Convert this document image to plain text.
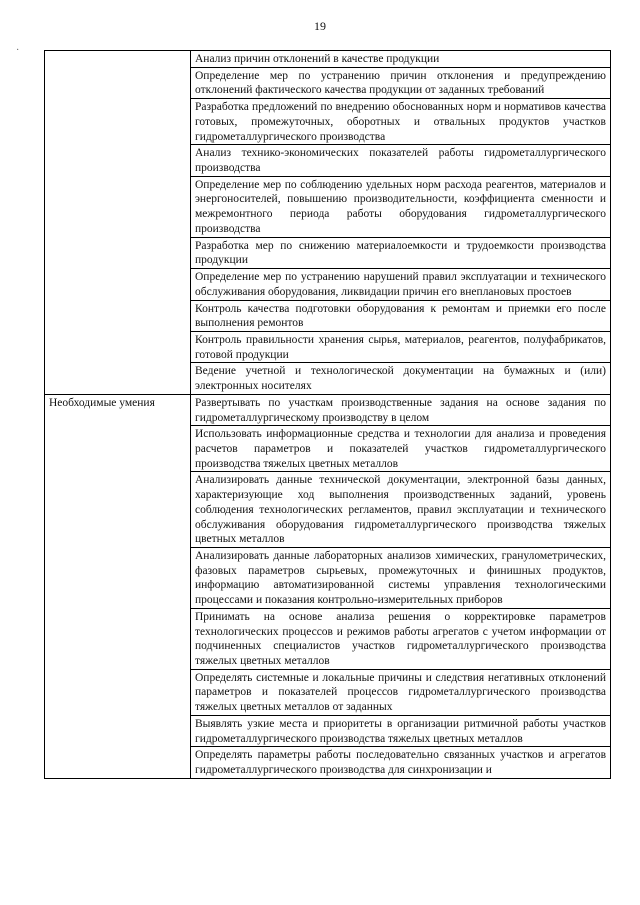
19
·
	Анализ причин отклонений в качестве продукции
	Определение мер по устранению причин отклонения и предупреждению отклонений фактического качества продукции от заданных требований
	Разработка предложений по внедрению обоснованных норм и нормативов качества готовых, промежуточных, оборотных и отвальных продуктов участков гидрометаллургического производства
	Анализ технико-экономических показателей работы гидрометаллургического производства
	Определение мер по соблюдению удельных норм расхода реагентов, материалов и энергоносителей, повышению производительности, коэффициента сменности и межремонтного периода работы оборудования гидрометаллургического производства
	Разработка мер по снижению материалоемкости и трудоемкости производства продукции
	Определение мер по устранению нарушений правил эксплуатации и технического обслуживания оборудования, ликвидации причин его внеплановых простоев
	Контроль качества подготовки оборудования к ремонтам и приемки его после выполнения ремонтов
	Контроль правильности хранения сырья, материалов, реагентов, полуфабрикатов, готовой продукции
	Ведение учетной и технологической документации на бумажных и (или) электронных носителях
Необходимые умения	Развертывать по участкам производственные задания на основе задания по гидрометаллургическому производству в целом
	Использовать информационные средства и технологии для анализа и проведения расчетов параметров и показателей участков гидрометаллургического производства тяжелых цветных металлов
	Анализировать данные технической документации, электронной базы данных, характеризующие ход выполнения производственных заданий, уровень соблюдения технологических регламентов, правил эксплуатации и технического обслуживания оборудования гидрометаллургического производства тяжелых цветных металлов
	Анализировать данные лабораторных анализов химических, гранулометрических, фазовых параметров сырьевых, промежуточных и финишных продуктов, информацию автоматизированной системы управления технологическими процессами и показания контрольно-измерительных приборов
	Принимать на основе анализа решения о корректировке параметров технологических процессов и режимов работы агрегатов с учетом информации от подчиненных специалистов участков гидрометаллургического производства тяжелых цветных металлов
	Определять системные и локальные причины и следствия негативных отклонений параметров и показателей процессов гидрометаллургического производства тяжелых цветных металлов от заданных
	Выявлять узкие места и приоритеты в организации ритмичной работы участков гидрометаллургического производства тяжелых цветных металлов
	Определять параметры работы последовательно связанных участков и агрегатов гидрометаллургического производства для синхронизации и
